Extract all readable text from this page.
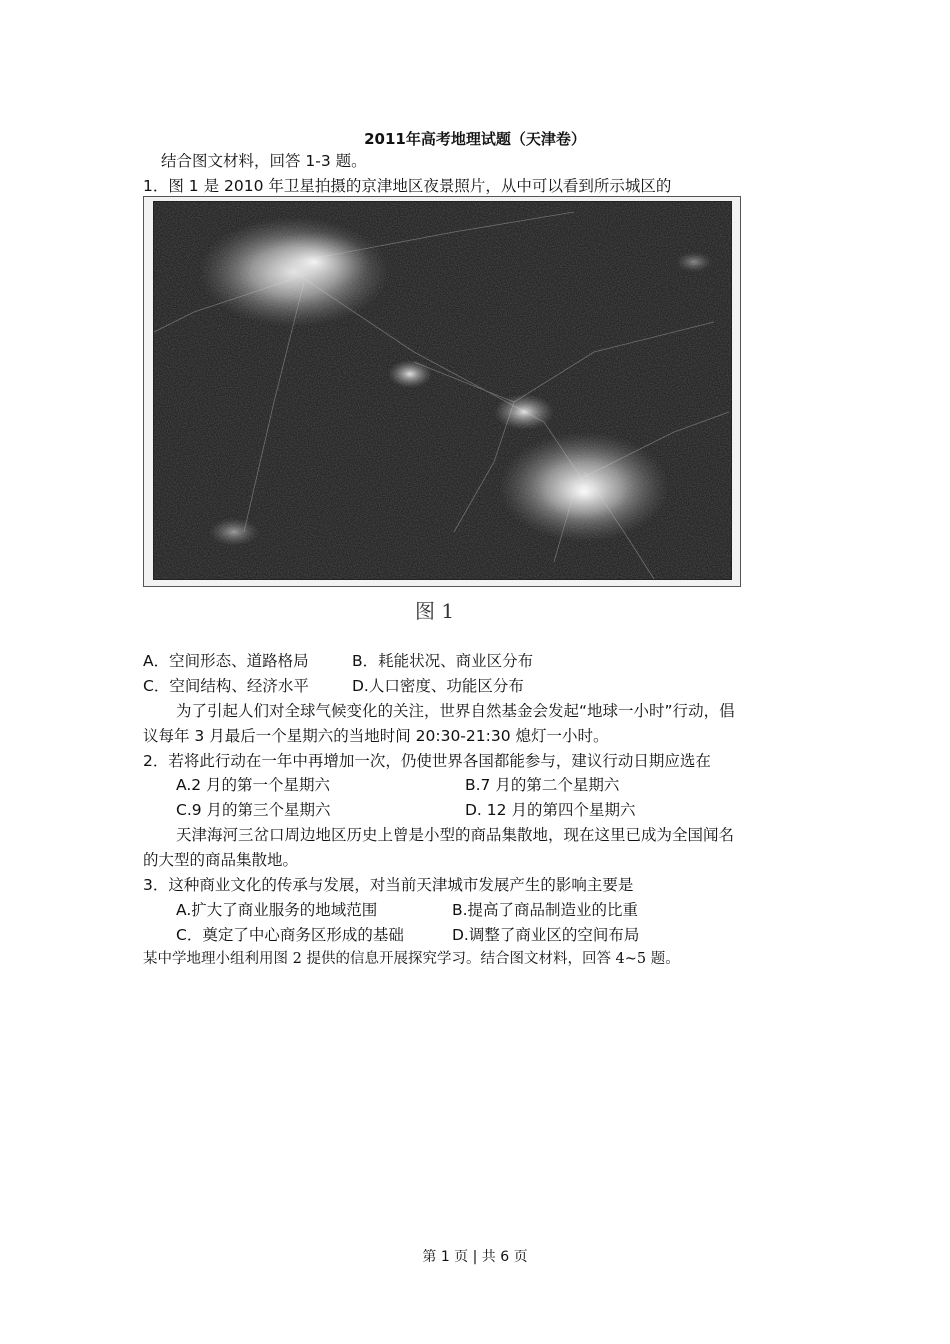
2011年高考地理试题（天津卷）
结合图文材料，回答 1-3 题。
1．图 1 是 2010 年卫星拍摄的京津地区夜景照片，从中可以看到所示城区的
图 1
A．空间形态、道路格局	B．耗能状况、商业区分布
C．空间结构、经济水平	D.人口密度、功能区分布
为了引起人们对全球气候变化的关注，世界自然基金会发起“地球一小时”行动，倡
议每年 3 月最后一个星期六的当地时间 20:30-21:30 熄灯一小时。
2．若将此行动在一年中再增加一次，仍使世界各国都能参与，建议行动日期应选在
A.2 月的第一个星期六	B.7 月的第二个星期六
C.9 月的第三个星期六	D. 12 月的第四个星期六
天津海河三岔口周边地区历史上曾是小型的商品集散地，现在这里已成为全国闻名
的大型的商品集散地。
3．这种商业文化的传承与发展，对当前天津城市发展产生的影响主要是
A.扩大了商业服务的地域范围	B.提高了商品制造业的比重
C．奠定了中心商务区形成的基础	D.调整了商业区的空间布局
某中学地理小组利用图 2 提供的信息开展探究学习。结合图文材料，回答 4~5 题。
第 1 页 | 共 6 页
